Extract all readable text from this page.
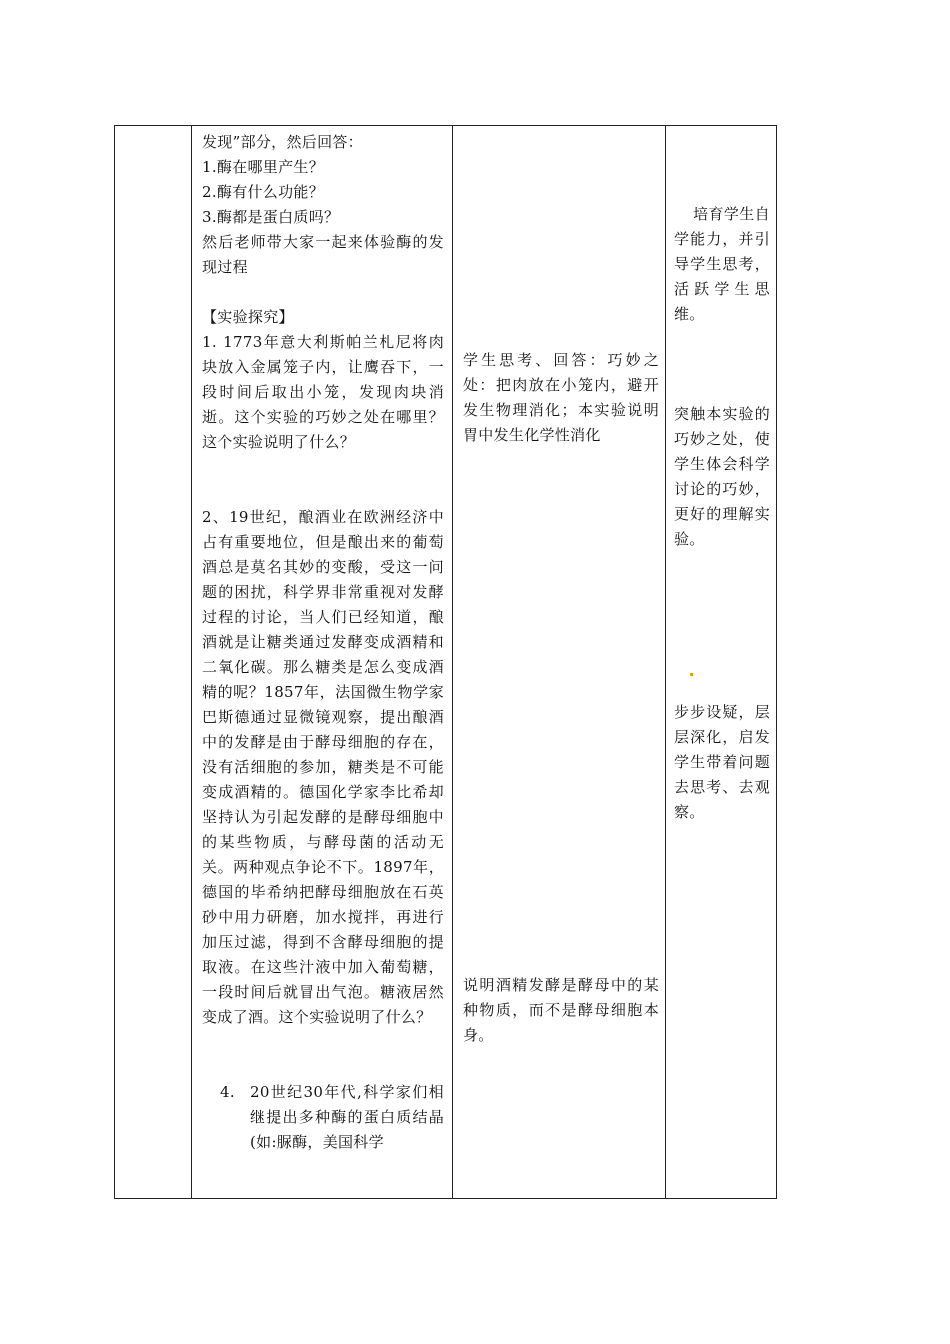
发现”部分，然后回答：

1.酶在哪里产生？

2.酶有什么功能？

3.酶都是蛋白质吗？

然后老师带大家一起来体验酶的发现过程

【实验探究】

1. 1773年意大利斯帕兰札尼将肉块放入金属笼子内，让鹰吞下，一段时间后取出小笼，发现肉块消逝。这个实验的巧妙之处在哪里？这个实验说明了什么？

2、19世纪，酿酒业在欧洲经济中占有重要地位，但是酿出来的葡萄酒总是莫名其妙的变酸，受这一问题的困扰，科学界非常重视对发酵过程的讨论，当人们已经知道，酿酒就是让糖类通过发酵变成酒精和二氧化碳。那么糖类是怎么变成酒精的呢？1857年，法国微生物学家巴斯德通过显微镜观察，提出酿酒中的发酵是由于酵母细胞的存在，没有活细胞的参加，糖类是不可能变成酒精的。德国化学家李比希却坚持认为引起发酵的是酵母细胞中的某些物质，与酵母菌的活动无关。两种观点争论不下。1897年，德国的毕希纳把酵母细胞放在石英砂中用力研磨，加水搅拌，再进行加压过滤，得到不含酵母细胞的提取液。在这些汁液中加入葡萄糖，一段时间后就冒出气泡。糖液居然变成了酒。这个实验说明了什么？

4.	20世纪30年代,科学家们相继提出多种酶的蛋白质结晶(如:脲酶，美国科学

学生思考、回答：巧妙之处：把肉放在小笼内，避开发生物理消化；本实验说明胃中发生化学性消化

说明酒精发酵是酵母中的某种物质，而不是酵母细胞本身。

培育学生自学能力，并引导学生思考，活跃学生思维。

突触本实验的巧妙之处，使学生体会科学讨论的巧妙，更好的理解实验。

步步设疑，层层深化，启发学生带着问题去思考、去观察。
